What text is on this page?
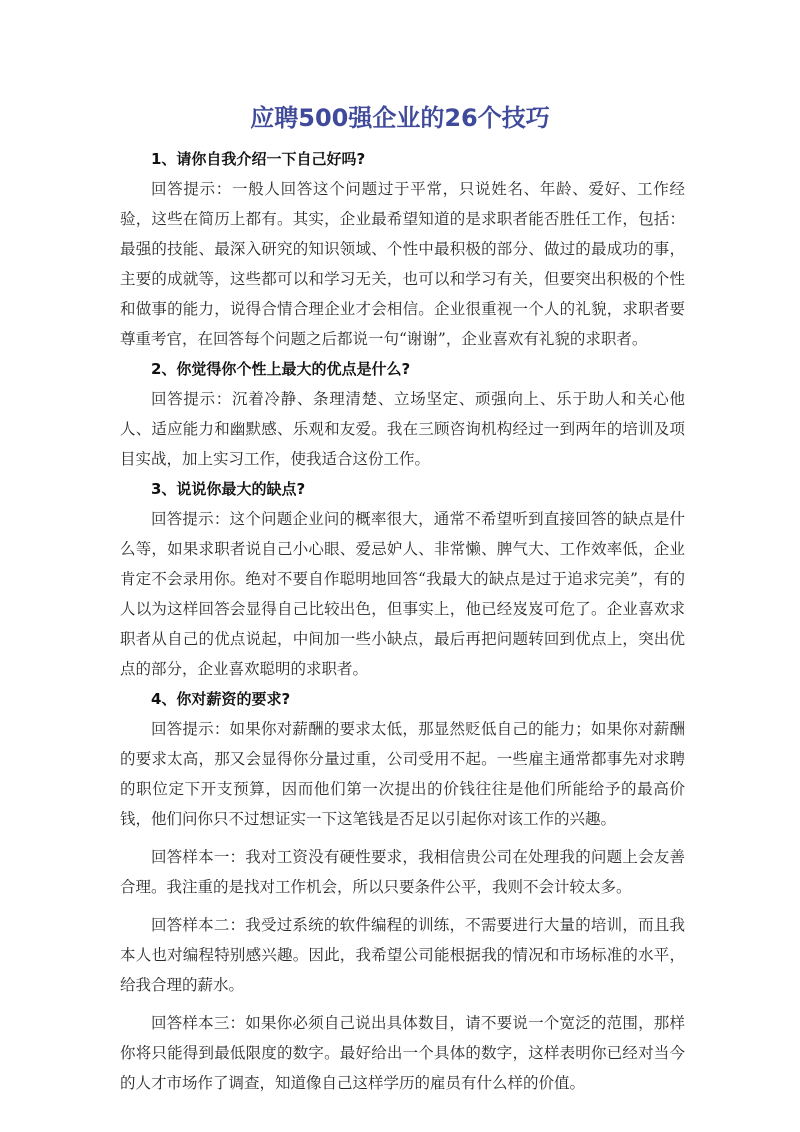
应聘500强企业的26个技巧

1、请你自我介绍一下自己好吗?

回答提示：一般人回答这个问题过于平常，只说姓名、年龄、爱好、工作经验，这些在简历上都有。其实，企业最希望知道的是求职者能否胜任工作，包括：最强的技能、最深入研究的知识领域、个性中最积极的部分、做过的最成功的事，主要的成就等，这些都可以和学习无关，也可以和学习有关，但要突出积极的个性和做事的能力，说得合情合理企业才会相信。企业很重视一个人的礼貌，求职者要尊重考官，在回答每个问题之后都说一句“谢谢”，企业喜欢有礼貌的求职者。

2、你觉得你个性上最大的优点是什么?

回答提示：沉着冷静、条理清楚、立场坚定、顽强向上、乐于助人和关心他人、适应能力和幽默感、乐观和友爱。我在三顾咨询机构经过一到两年的培训及项目实战，加上实习工作，使我适合这份工作。

3、说说你最大的缺点?

回答提示：这个问题企业问的概率很大，通常不希望听到直接回答的缺点是什么等，如果求职者说自己小心眼、爱忌妒人、非常懒、脾气大、工作效率低，企业肯定不会录用你。绝对不要自作聪明地回答“我最大的缺点是过于追求完美”，有的人以为这样回答会显得自己比较出色，但事实上，他已经岌岌可危了。企业喜欢求职者从自己的优点说起，中间加一些小缺点，最后再把问题转回到优点上，突出优点的部分，企业喜欢聪明的求职者。

4、你对薪资的要求?

回答提示：如果你对薪酬的要求太低，那显然贬低自己的能力；如果你对薪酬的要求太高，那又会显得你分量过重，公司受用不起。一些雇主通常都事先对求聘的职位定下开支预算，因而他们第一次提出的价钱往往是他们所能给予的最高价钱，他们问你只不过想证实一下这笔钱是否足以引起你对该工作的兴趣。

回答样本一：我对工资没有硬性要求，我相信贵公司在处理我的问题上会友善合理。我注重的是找对工作机会，所以只要条件公平，我则不会计较太多。

回答样本二：我受过系统的软件编程的训练，不需要进行大量的培训，而且我本人也对编程特别感兴趣。因此，我希望公司能根据我的情况和市场标准的水平，给我合理的薪水。

回答样本三：如果你必须自己说出具体数目，请不要说一个宽泛的范围，那样你将只能得到最低限度的数字。最好给出一个具体的数字，这样表明你已经对当今的人才市场作了调查，知道像自己这样学历的雇员有什么样的价值。
